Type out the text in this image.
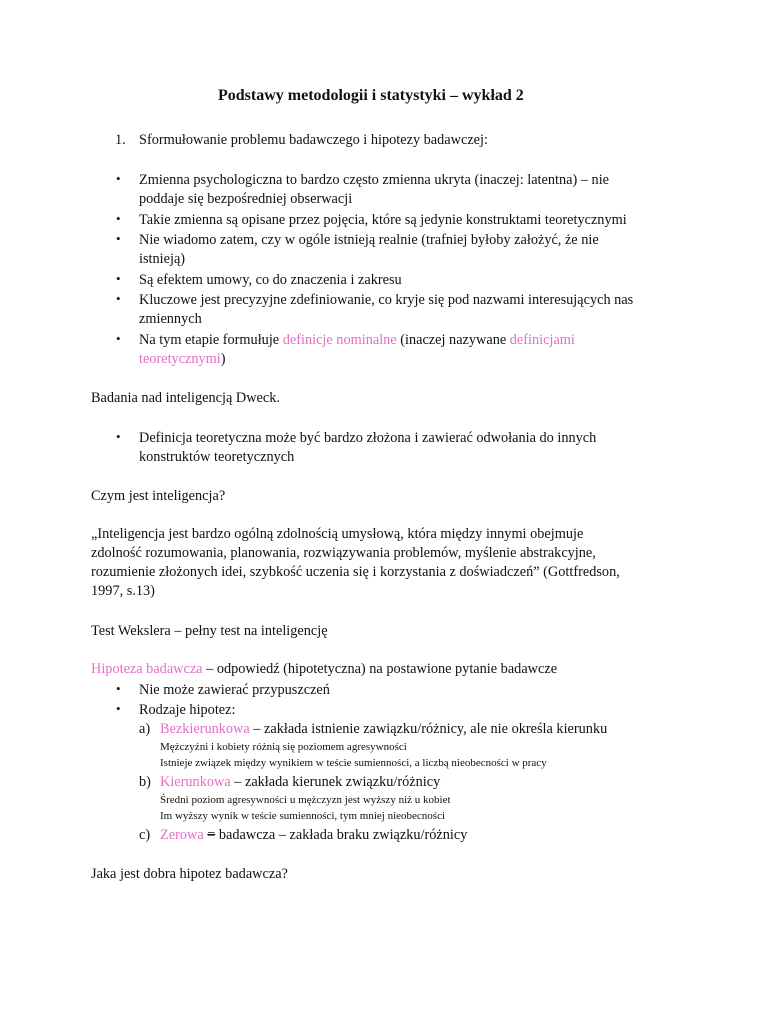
Podstawy metodologii i statystyki – wykład 2
1. Sformułowanie problemu badawczego i hipotezy badawczej:
• Zmienna psychologiczna to bardzo często zmienna ukryta (inaczej: latentna) – nie
poddaje się bezpośredniej obserwacji
• Takie zmienna są opisane przez pojęcia, które są jedynie konstruktami teoretycznymi
• Nie wiadomo zatem, czy w ogóle istnieją realnie (trafniej byłoby założyć, że nie
istnieją)
• Są efektem umowy, co do znaczenia i zakresu
• Kluczowe jest precyzyjne zdefiniowanie, co kryje się pod nazwami interesujących nas
zmiennych
• Na tym etapie formułuje definicje nominalne (inaczej nazywane definicjami
teoretycznymi)
Badania nad inteligencją Dweck.
• Definicja teoretyczna może być bardzo złożona i zawierać odwołania do innych
konstruktów teoretycznych
Czym jest inteligencja?
„Inteligencja jest bardzo ogólną zdolnością umysłową, która między innymi obejmuje
zdolność rozumowania, planowania, rozwiązywania problemów, myślenie abstrakcyjne,
rozumienie złożonych idei, szybkość uczenia się i korzystania z doświadczeń” (Gottfredson,
1997, s.13)
Test Wekslera – pełny test na inteligencję
Hipoteza badawcza – odpowiedź (hipotetyczna) na postawione pytanie badawcze
• Nie może zawierać przypuszczeń
• Rodzaje hipotez:
a) Bezkierunkowa – zakłada istnienie zawiązku/różnicy, ale nie określa kierunku
Mężczyźni i kobiety różnią się poziomem agresywności
Istnieje związek między wynikiem w teście sumienności, a liczbą nieobecności w pracy
b) Kierunkowa – zakłada kierunek związku/różnicy
Średni poziom agresywności u mężczyzn jest wyższy niż u kobiet
Im wyższy wynik w teście sumienności, tym mniej nieobecności
c) Zerowa = badawcza – zakłada braku związku/różnicy
Jaka jest dobra hipotez badawcza?
